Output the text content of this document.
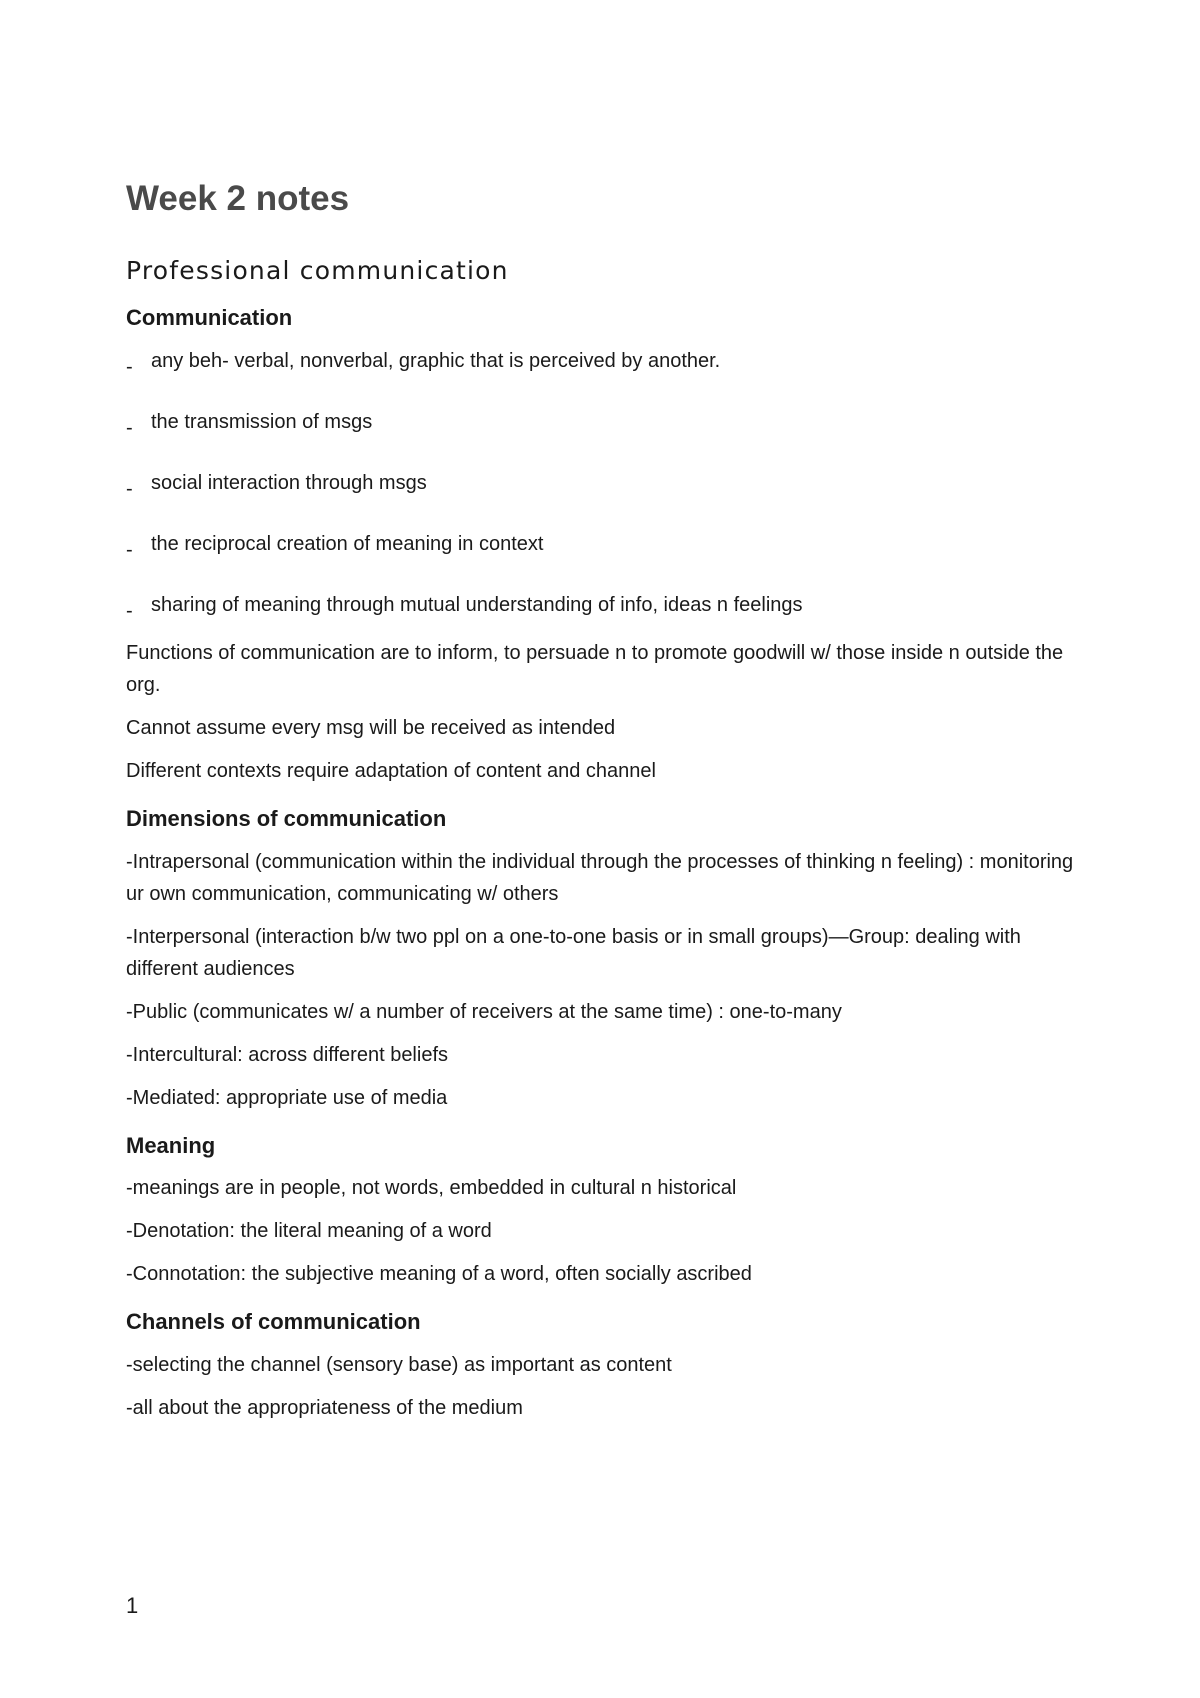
Week 2 notes
Professional communication
Communication
- any beh- verbal, nonverbal, graphic that is perceived by another.
- the transmission of msgs
- social interaction through msgs
- the reciprocal creation of meaning in context
- sharing of meaning through mutual understanding of info, ideas n feelings

Functions of communication are to inform, to persuade n to promote goodwill w/ those inside n outside the org.

Cannot assume every msg will be received as intended

Different contexts require adaptation of content and channel

Dimensions of communication

-Intrapersonal (communication within the individual through the processes of thinking n feeling) : monitoring ur own communication, communicating w/ others

-Interpersonal (interaction b/w two ppl on a one-to-one basis or in small groups)—Group: dealing with different audiences

-Public (communicates w/ a number of receivers at the same time) : one-to-many

-Intercultural: across different beliefs

-Mediated: appropriate use of media

Meaning

-meanings are in people, not words, embedded in cultural n historical

-Denotation: the literal meaning of a word

-Connotation: the subjective meaning of a word, often socially ascribed

Channels of communication

-selecting the channel (sensory base) as important as content

-all about the appropriateness of the medium

1
